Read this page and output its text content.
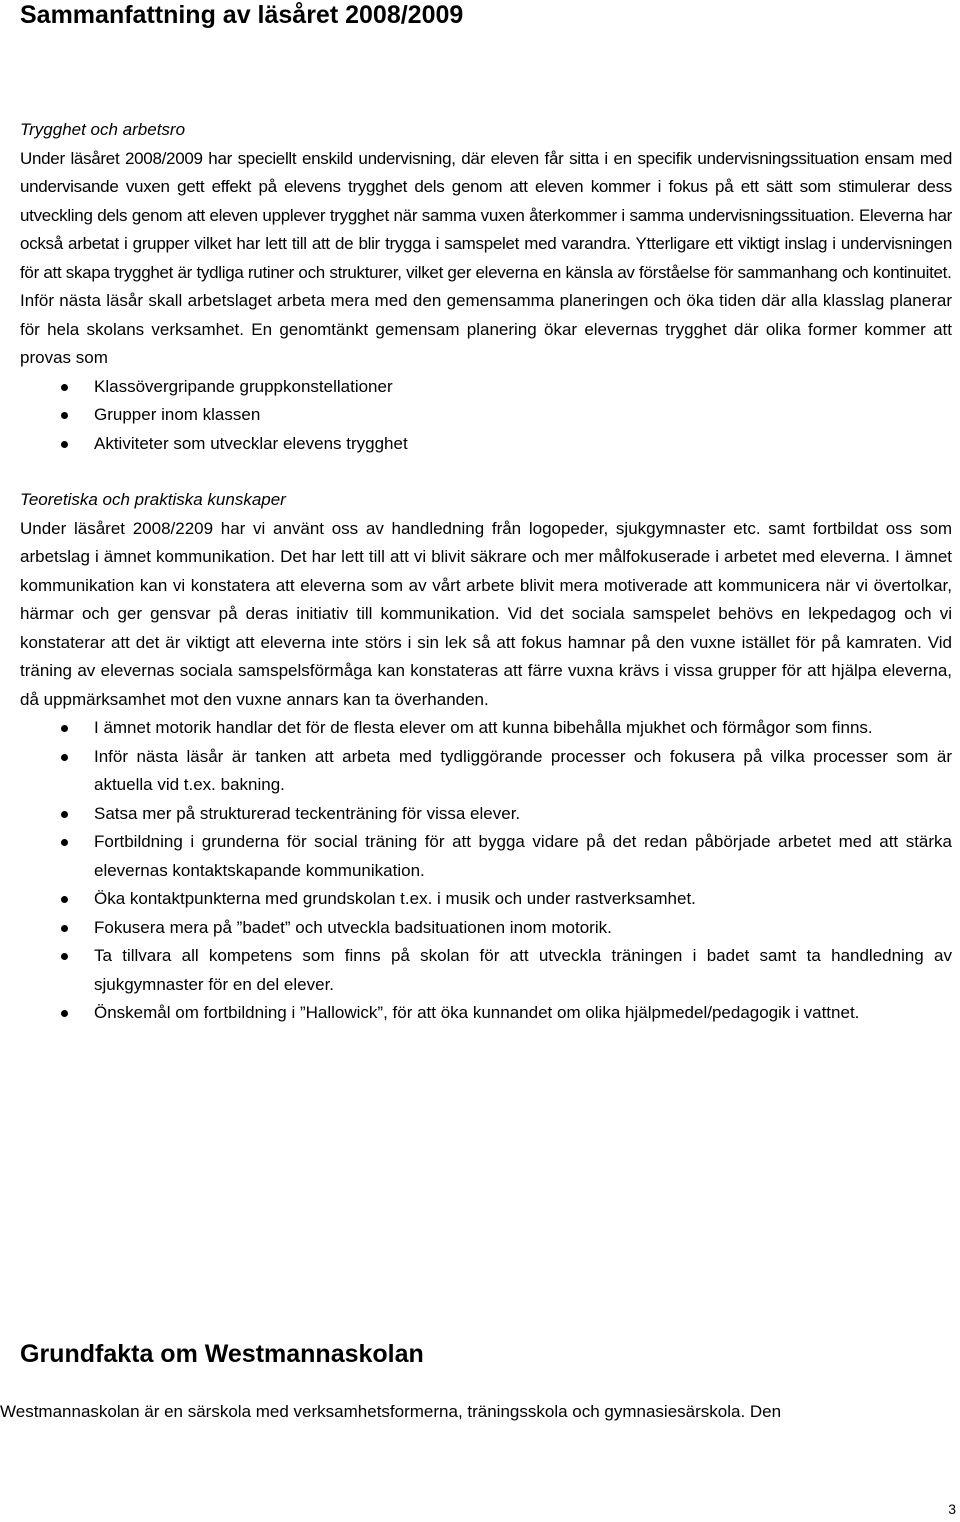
Sammanfattning av läsåret 2008/2009

Trygghet och arbetsro

Under läsåret 2008/2009 har speciellt enskild undervisning, där eleven får sitta i en specifik undervisningssituation ensam med undervisande vuxen gett effekt på elevens trygghet dels genom att eleven kommer i fokus på ett sätt som stimulerar dess utveckling dels genom att eleven upplever trygghet när samma vuxen återkommer i samma undervisningssituation. Eleverna har också arbetat i grupper vilket har lett till att de blir trygga i samspelet med varandra. Ytterligare ett viktigt inslag i undervisningen för att skapa trygghet är tydliga rutiner och strukturer, vilket ger eleverna en känsla av förståelse för sammanhang och kontinuitet.

Inför nästa läsår skall arbetslaget arbeta mera med den gemensamma planeringen och öka tiden där alla klasslag planerar för hela skolans verksamhet. En genomtänkt gemensam planering ökar elevernas trygghet där olika former kommer att provas som

Klassövergripande gruppkonstellationer
Grupper inom klassen
Aktiviteter som utvecklar elevens trygghet

Teoretiska och praktiska kunskaper

Under läsåret 2008/2209 har vi använt oss av handledning från logopeder, sjukgymnaster etc. samt fortbildat oss som arbetslag i ämnet kommunikation. Det har lett till att vi blivit säkrare och mer målfokuserade i arbetet med eleverna. I ämnet kommunikation kan vi konstatera att eleverna som av vårt arbete blivit mera motiverade att kommunicera när vi övertolkar, härmar och ger gensvar på deras initiativ till kommunikation. Vid det sociala samspelet behövs en lekpedagog och vi konstaterar att det är viktigt att eleverna inte störs i sin lek så att fokus hamnar på den vuxne istället för på kamraten. Vid träning av elevernas sociala samspelsförmåga kan konstateras att färre vuxna krävs i vissa grupper för att hjälpa eleverna, då uppmärksamhet mot den vuxne annars kan ta överhanden.

I ämnet motorik handlar det för de flesta elever om att kunna bibehålla mjukhet och förmågor som finns.
Inför nästa läsår är tanken att arbeta med tydliggörande processer och fokusera på vilka processer som är aktuella vid t.ex. bakning.
Satsa mer på strukturerad teckenträning för vissa elever.
Fortbildning i grunderna för social träning för att bygga vidare på det redan påbörjade arbetet med att stärka elevernas kontaktskapande kommunikation.
Öka kontaktpunkterna med grundskolan t.ex. i musik och under rastverksamhet.
Fokusera mera på ”badet” och utveckla badsituationen inom motorik.
Ta tillvara all kompetens som finns på skolan för att utveckla träningen i badet samt ta handledning av sjukgymnaster för en del elever.
Önskemål om fortbildning i ”Hallowick”, för att öka kunnandet om olika hjälpmedel/pedagogik i vattnet.
Grundfakta om Westmannaskolan

Westmannaskolan är en särskola med verksamhetsformerna, träningsskola och gymnasiesärskola. Den

3
